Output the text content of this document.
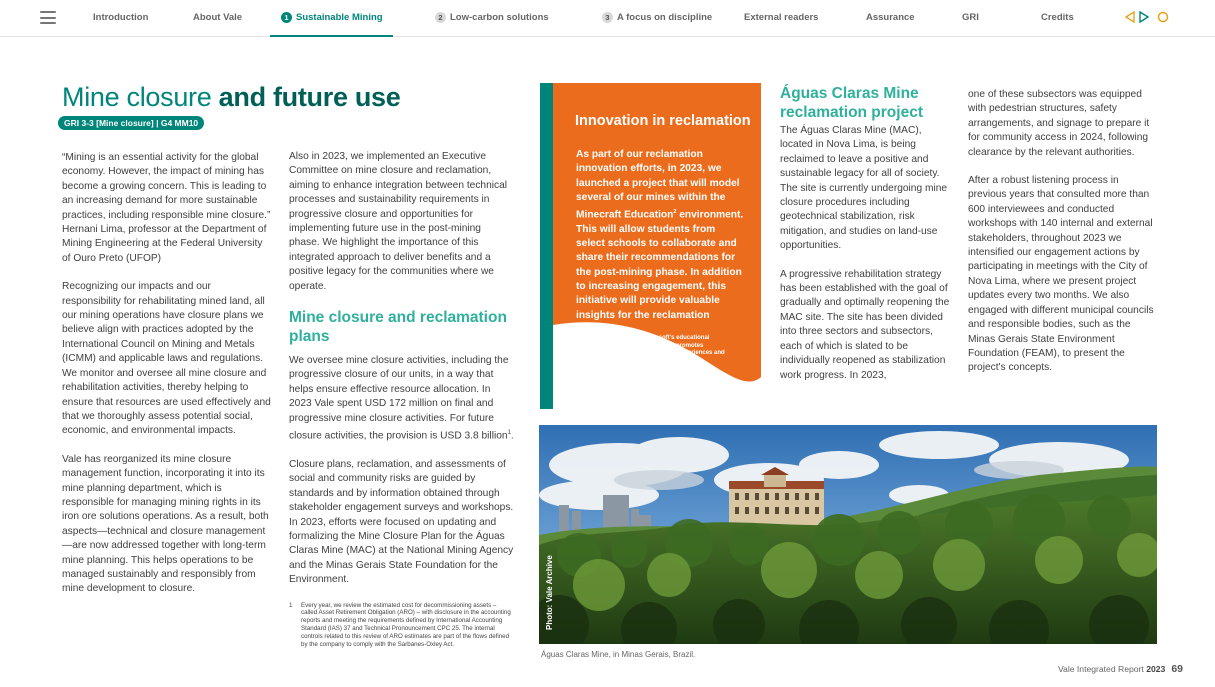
Introduction	About Vale	1 Sustainable Mining	2 Low-carbon solutions	3 A focus on discipline	External readers	Assurance	GRI	Credits
Mine closure and future use
GRI 3-3 [Mine closure] | G4 MM10

“Mining is an essential activity for the global economy. However, the impact of mining has become a growing concern. This is leading to an increasing demand for more sustainable practices, including responsible mine closure.” Hernani Lima, professor at the Department of Mining Engineering at the Federal University of Ouro Preto (UFOP)

Recognizing our impacts and our responsibility for rehabilitating mined land, all our mining operations have closure plans we believe align with practices adopted by the International Council on Mining and Metals (ICMM) and applicable laws and regulations. We monitor and oversee all mine closure and rehabilitation activities, thereby helping to ensure that resources are used effectively and that we thoroughly assess potential social, economic, and environmental impacts.

Vale has reorganized its mine closure management function, incorporating it into its mine planning department, which is responsible for managing mining rights in its iron ore solutions operations. As a result, both aspects—technical and closure management—are now addressed together with long-term mine planning. This helps operations to be managed sustainably and responsibly from mine development to closure.

Also in 2023, we implemented an Executive Committee on mine closure and reclamation, aiming to enhance integration between technical processes and sustainability requirements in progressive closure and opportunities for implementing future use in the post-mining phase. We highlight the importance of this integrated approach to deliver benefits and a positive legacy for the communities where we operate.

Mine closure and reclamation plans

We oversee mine closure activities, including the progressive closure of our units, in a way that helps ensure effective resource allocation. In 2023 Vale spent USD 172 million on final and progressive mine closure activities. For future closure activities, the provision is USD 3.8 billion$^1$.

Closure plans, reclamation, and assessments of social and community risks are guided by standards and by information obtained through stakeholder engagement surveys and workshops. In 2023, efforts were focused on updating and formalizing the Mine Closure Plan for the Águas Claras Mine (MAC) at the National Mining Agency and the Minas Gerais State Foundation for the Environment.

1	Every year, we review the estimated cost for decommissioning assets – called Asset Retirement Obligation (ARO) – with disclosure in the accounting reports and meeting the requirements defined by International Accounting Standard (IAS) 37 and Technical Pronouncement CPC 25. The internal controls related to this review of ARO estimates are part of the flows defined by the company to comply with the Sarbanes-Oxley Act.
Innovation in reclamation
As part of our reclamation innovation efforts, in 2023, we launched a project that will model several of our mines within the Minecraft Education$^2$ environment. This will allow students from select schools to collaborate and share their recommendations for the post-mining phase. In addition to increasing engagement, this initiative will provide valuable insights for the reclamation process.
2	Minecraft Education is Microsoft's educational version of the Minecraft game and promotes interactive learning through virtual experiences and collaborative construction in the classroom.
Águas Claras Mine reclamation project

The Águas Claras Mine (MAC), located in Nova Lima, is being reclaimed to leave a positive and sustainable legacy for all of society. The site is currently undergoing mine closure procedures including geotechnical stabilization, risk mitigation, and studies on land-use opportunities.

A progressive rehabilitation strategy has been established with the goal of gradually and optimally reopening the MAC site. The site has been divided into three sectors and subsectors, each of which is slated to be individually reopened as stabilization work progress. In 2023,

one of these subsectors was equipped with pedestrian structures, safety arrangements, and signage to prepare it for community access in 2024, following clearance by the relevant authorities.

After a robust listening process in previous years that consulted more than 600 interviewees and conducted workshops with 140 internal and external stakeholders, throughout 2023 we intensified our engagement actions by participating in meetings with the City of Nova Lima, where we present project updates every two months. We also engaged with different municipal councils and responsible bodies, such as the Minas Gerais State Environment Foundation (FEAM), to present the project's concepts.

Photo: Vale Archive
Águas Claras Mine, in Minas Gerais, Brazil.
Vale Integrated Report 2023 69
